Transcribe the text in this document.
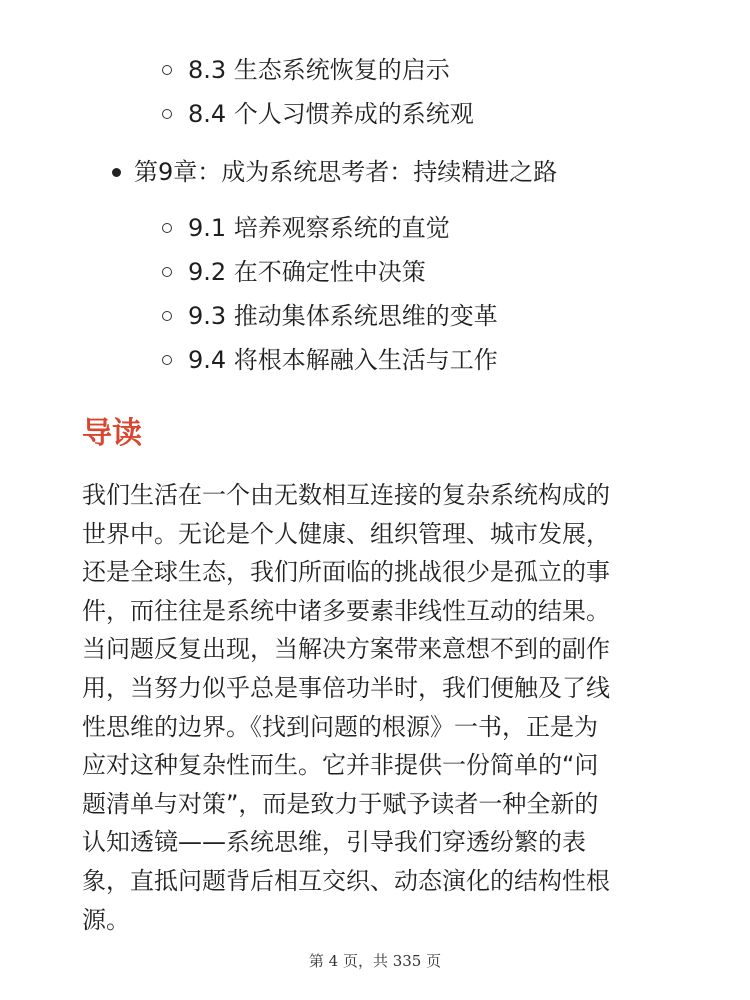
8.3 生态系统恢复的启示
8.4 个人习惯养成的系统观
第9章：成为系统思考者：持续精进之路
9.1 培养观察系统的直觉
9.2 在不确定性中决策
9.3 推动集体系统思维的变革
9.4 将根本解融入生活与工作
导读
我们生活在一个由无数相互连接的复杂系统构成的
世界中。无论是个人健康、组织管理、城市发展，
还是全球生态，我们所面临的挑战很少是孤立的事
件，而往往是系统中诸多要素非线性互动的结果。
当问题反复出现，当解决方案带来意想不到的副作
用，当努力似乎总是事倍功半时，我们便触及了线
性思维的边界。《找到问题的根源》一书，正是为
应对这种复杂性而生。它并非提供一份简单的“问
题清单与对策”，而是致力于赋予读者一种全新的
认知透镜——系统思维，引导我们穿透纷繁的表
象，直抵问题背后相互交织、动态演化的结构性根
源。
第 4 页，共 335 页
